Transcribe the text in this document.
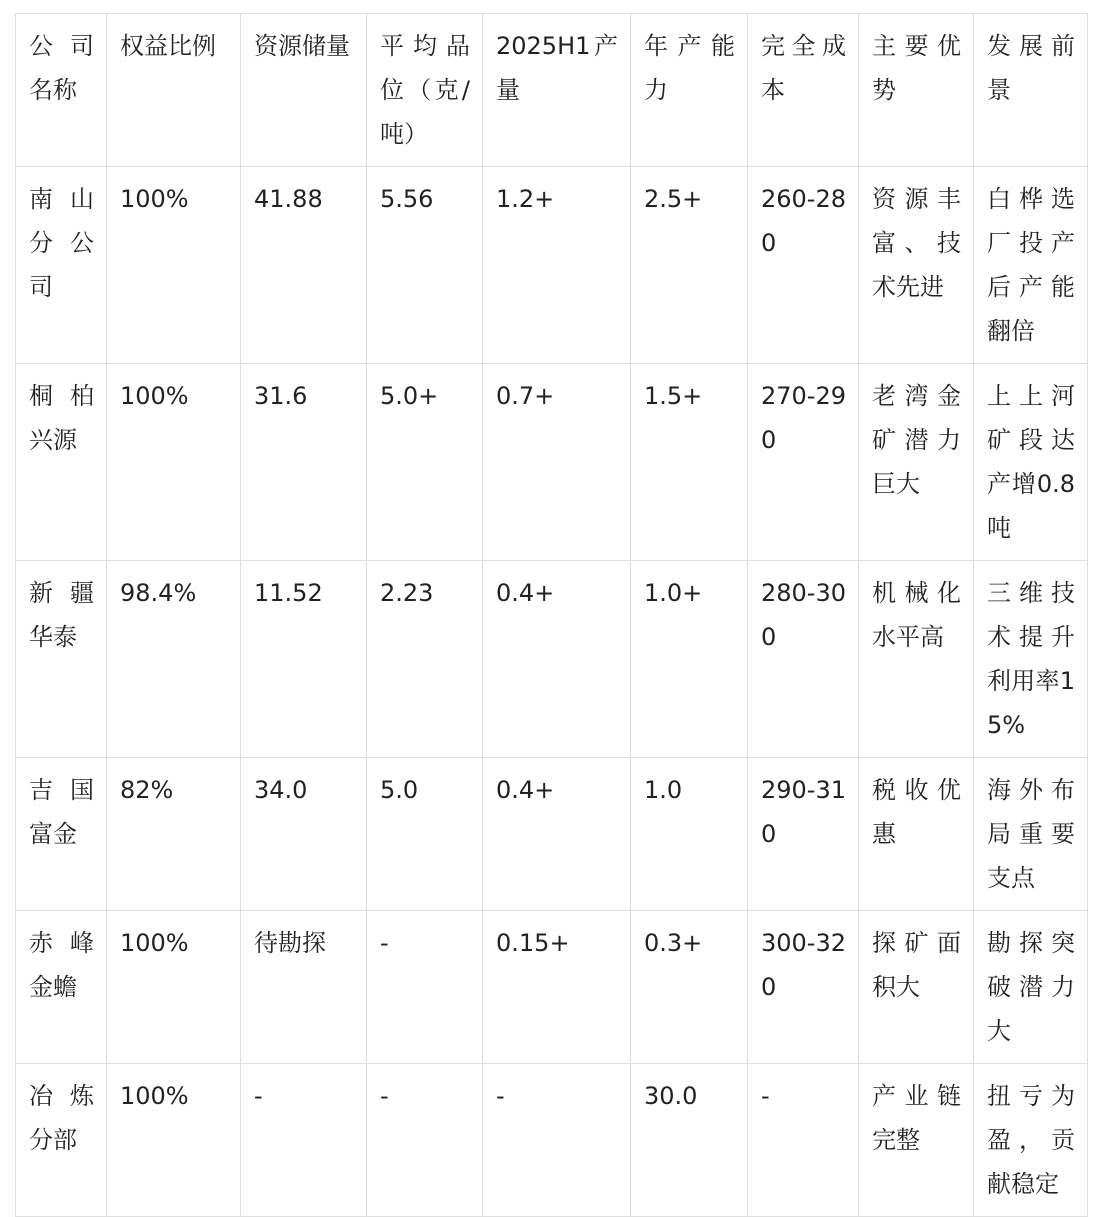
公司名称	权益比例	资源储量	平均品位（克/吨）	2025H1产量	年产能力	完全成本	主要优势	发展前景
南山分公司	100%	41.88	5.56	1.2+	2.5+	260-280	资源丰富、技术先进	白桦选厂投产后产能翻倍
桐柏兴源	100%	31.6	5.0+	0.7+	1.5+	270-290	老湾金矿潜力巨大	上上河矿段达产增0.8吨
新疆华泰	98.4%	11.52	2.23	0.4+	1.0+	280-300	机械化水平高	三维技术提升利用率15%
吉国富金	82%	34.0	5.0	0.4+	1.0	290-310	税收优惠	海外布局重要支点
赤峰金蟾	100%	待勘探	-	0.15+	0.3+	300-320	探矿面积大	勘探突破潜力大
冶炼分部	100%	-	-	-	30.0	-	产业链完整	扭亏为盈，贡献稳定
